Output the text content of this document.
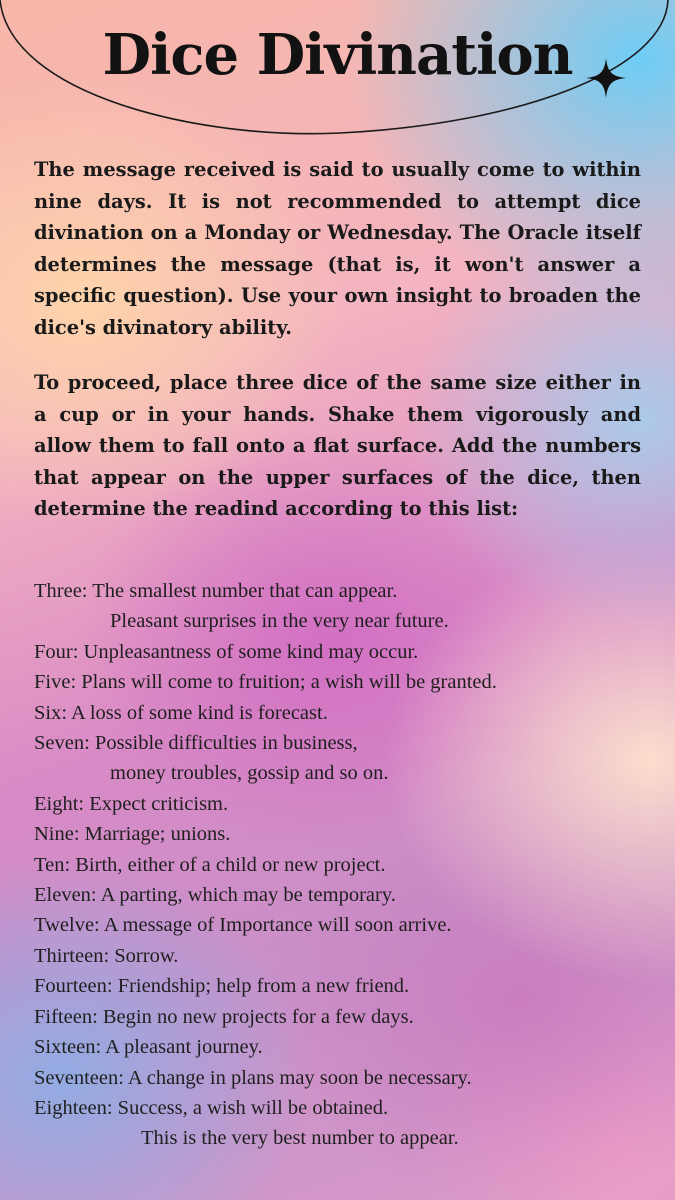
Dice Divination

The message received is said to usually come to within nine days. It is not recommended to attempt dice divination on a Monday or Wednesday. The Oracle itself determines the message (that is, it won't answer a specific question). Use your own insight to broaden the dice's divinatory ability.

To proceed, place three dice of the same size either in a cup or in your hands. Shake them vigorously and allow them to fall onto a flat surface. Add the numbers that appear on the upper surfaces of the dice, then determine the readind according to this list:

Three: The smallest number that can appear.
Pleasant surprises in the very near future.
Four: Unpleasantness of some kind may occur.
Five: Plans will come to fruition; a wish will be granted.
Six: A loss of some kind is forecast.
Seven: Possible difficulties in business,
money troubles, gossip and so on.
Eight: Expect criticism.
Nine: Marriage; unions.
Ten: Birth, either of a child or new project.
Eleven: A parting, which may be temporary.
Twelve: A message of Importance will soon arrive.
Thirteen: Sorrow.
Fourteen: Friendship; help from a new friend.
Fifteen: Begin no new projects for a few days.
Sixteen: A pleasant journey.
Seventeen: A change in plans may soon be necessary.
Eighteen: Success, a wish will be obtained.
This is the very best number to appear.
